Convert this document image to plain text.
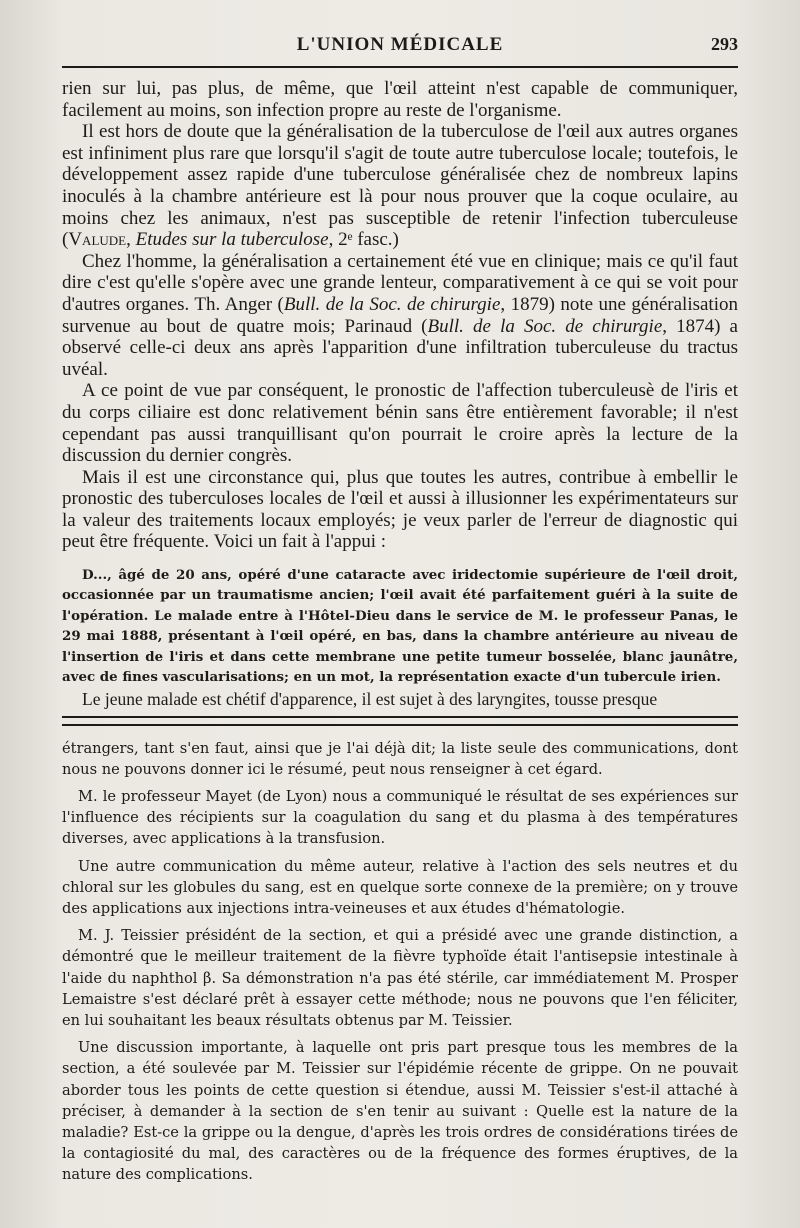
L'UNION MÉDICALE	293

rien sur lui, pas plus, de même, que l'œil atteint n'est capable de communiquer, facilement au moins, son infection propre au reste de l'organisme.

Il est hors de doute que la généralisation de la tuberculose de l'œil aux autres organes est infiniment plus rare que lorsqu'il s'agit de toute autre tuberculose locale; toutefois, le développement assez rapide d'une tuberculose généralisée chez de nombreux lapins inoculés à la chambre antérieure est là pour nous prouver que la coque oculaire, au moins chez les animaux, n'est pas susceptible de retenir l'infection tuberculeuse (Valude, Etudes sur la tuberculose, 2ᵉ fasc.)

Chez l'homme, la généralisation a certainement été vue en clinique; mais ce qu'il faut dire c'est qu'elle s'opère avec une grande lenteur, comparativement à ce qui se voit pour d'autres organes. Th. Anger (Bull. de la Soc. de chirurgie, 1879) note une généralisation survenue au bout de quatre mois; Parinaud (Bull. de la Soc. de chirurgie, 1874) a observé celle-ci deux ans après l'apparition d'une infiltration tuberculeuse du tractus uvéal.

A ce point de vue par conséquent, le pronostic de l'affection tuberculeusè de l'iris et du corps ciliaire est donc relativement bénin sans être entièrement favorable; il n'est cependant pas aussi tranquillisant qu'on pourrait le croire après la lecture de la discussion du dernier congrès.

Mais il est une circonstance qui, plus que toutes les autres, contribue à embellir le pronostic des tuberculoses locales de l'œil et aussi à illusionner les expérimentateurs sur la valeur des traitements locaux employés; je veux parler de l'erreur de diagnostic qui peut être fréquente. Voici un fait à l'appui :

D..., âgé de 20 ans, opéré d'une cataracte avec iridectomie supérieure de l'œil droit, occasionnée par un traumatisme ancien; l'œil avait été parfaitement guéri à la suite de l'opération. Le malade entre à l'Hôtel-Dieu dans le service de M. le professeur Panas, le 29 mai 1888, présentant à l'œil opéré, en bas, dans la chambre antérieure au niveau de l'insertion de l'iris et dans cette membrane une petite tumeur bosselée, blanc jaunâtre, avec de fines vascularisations; en un mot, la représentation exacte d'un tubercule irien.

Le jeune malade est chétif d'apparence, il est sujet à des laryngites, tousse presque

étrangers, tant s'en faut, ainsi que je l'ai déjà dit; la liste seule des communications, dont nous ne pouvons donner ici le résumé, peut nous renseigner à cet égard.

M. le professeur Mayet (de Lyon) nous a communiqué le résultat de ses expériences sur l'influence des récipients sur la coagulation du sang et du plasma à des températures diverses, avec applications à la transfusion.

Une autre communication du même auteur, relative à l'action des sels neutres et du chloral sur les globules du sang, est en quelque sorte connexe de la première; on y trouve des applications aux injections intra-veineuses et aux études d'hématologie.

M. J. Teissier présidént de la section, et qui a présidé avec une grande distinction, a démontré que le meilleur traitement de la fièvre typhoïde était l'antisepsie intestinale à l'aide du naphthol β. Sa démonstration n'a pas été stérile, car immédiatement M. Prosper Lemaistre s'est déclaré prêt à essayer cette méthode; nous ne pouvons que l'en féliciter, en lui souhaitant les beaux résultats obtenus par M. Teissier.

Une discussion importante, à laquelle ont pris part presque tous les membres de la section, a été soulevée par M. Teissier sur l'épidémie récente de grippe. On ne pouvait aborder tous les points de cette question si étendue, aussi M. Teissier s'est-il attaché à préciser, à demander à la section de s'en tenir au suivant : Quelle est la nature de la maladie? Est-ce la grippe ou la dengue, d'après les trois ordres de considérations tirées de la contagiosité du mal, des caractères ou de la fréquence des formes éruptives, de la nature des complications.
